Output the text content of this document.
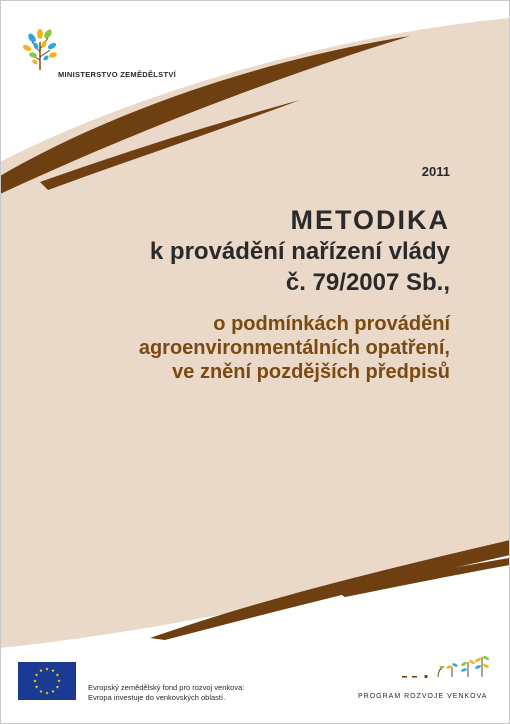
MINISTERSTVO ZEMĚDĚLSTVÍ
2011
METODIKA
k provádění nařízení vlády
č. 79/2007 Sb.,
o podmínkách provádění
agroenvironmentálních opatření,
ve znění pozdějších předpisů
Evropský zemědělský fond pro rozvoj venkova:
Evropa investuje do venkovských oblastí.	PROGRAM ROZVOJE VENKOVA
